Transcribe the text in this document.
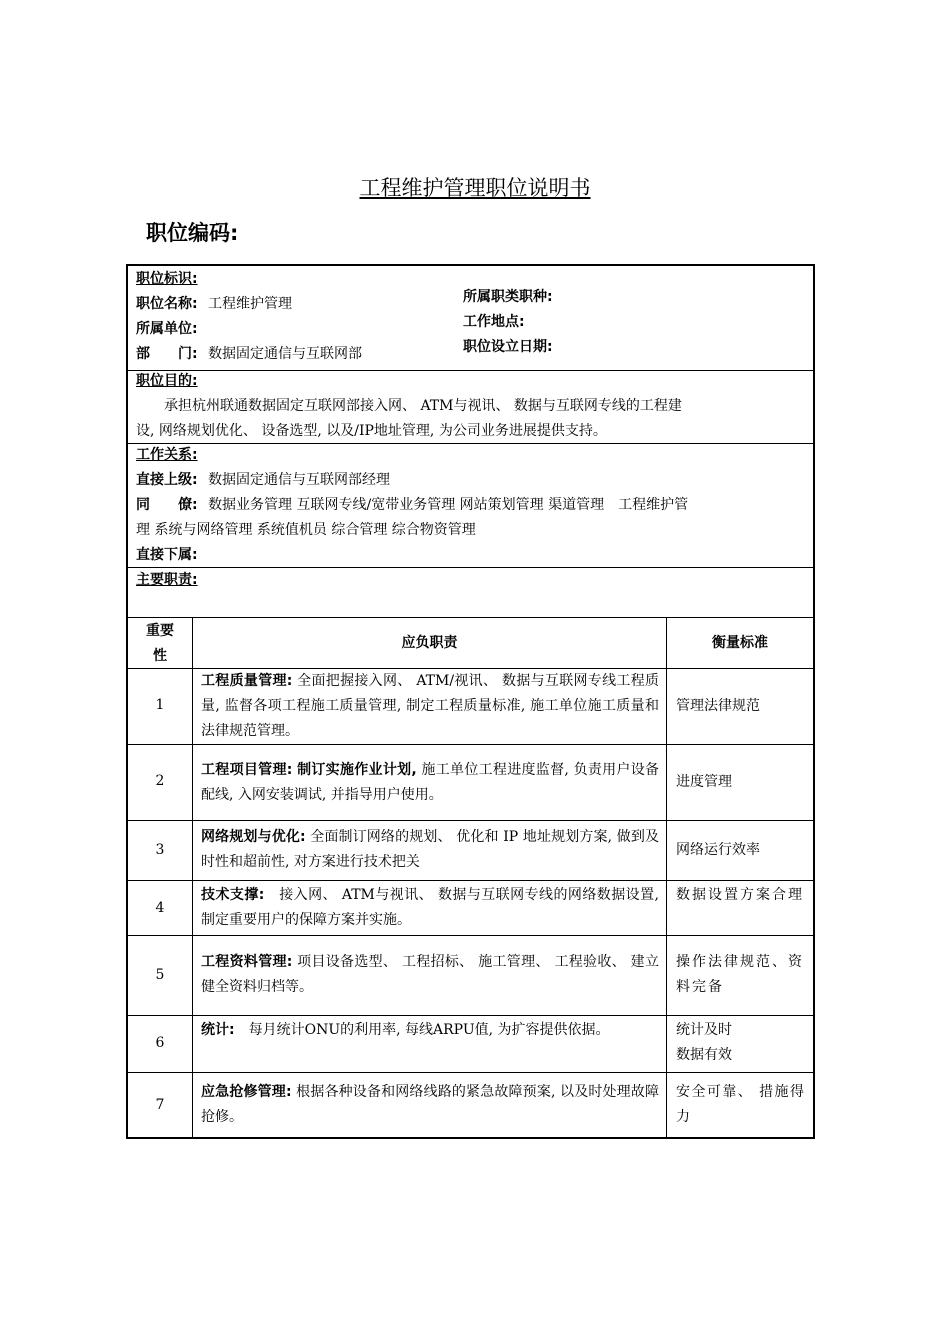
工程维护管理职位说明书
职位编码:
职位标识:
职位名称: 工程维护管理
所属单位:
部　　门: 数据固定通信与互联网部
所属职类职种:
工作地点:
职位设立日期:
职位目的:
　　承担杭州联通数据固定互联网部接入网、 ATM与视讯、 数据与互联网专线的工程建
设, 网络规划优化、 设备选型, 以及/IP地址管理, 为公司业务进展提供支持。
工作关系:
直接上级: 数据固定通信与互联网部经理
同　　僚: 数据业务管理 互联网专线/宽带业务管理 网站策划管理 渠道管理　工程维护管
理 系统与网络管理 系统值机员 综合管理 综合物资管理
直接下属:
主要职责:
重要
性
应负职责	衡量标准
1
工程质量管理: 全面把握接入网、 ATM/视讯、 数据与互联网专线工程质量, 监督各项工程施工质量管理, 制定工程质量标准, 施工单位施工质量和法律规范管理。
管理法律规范
2
工程项目管理: 制订实施作业计划, 施工单位工程进度监督, 负责用户设备配线, 入网安装调试, 并指导用户使用。
进度管理
3
网络规划与优化: 全面制订网络的规划、 优化和 IP 地址规划方案, 做到及时性和超前性, 对方案进行技术把关
网络运行效率
4
技术支撑:　接入网、 ATM与视讯、 数据与互联网专线的网络数据设置, 制定重要用户的保障方案并实施。
数据设置方案合理
5
工程资料管理: 项目设备选型、 工程招标、 施工管理、 工程验收、 建立健全资料归档等。
操作法律规范、资料完备
6
统计:　每月统计ONU的利用率, 每线ARPU值, 为扩容提供依据。	统计及时
数据有效
7
应急抢修管理: 根据各种设备和网络线路的紧急故障预案, 以及时处理故障抢修。
安全可靠、 措施得力
